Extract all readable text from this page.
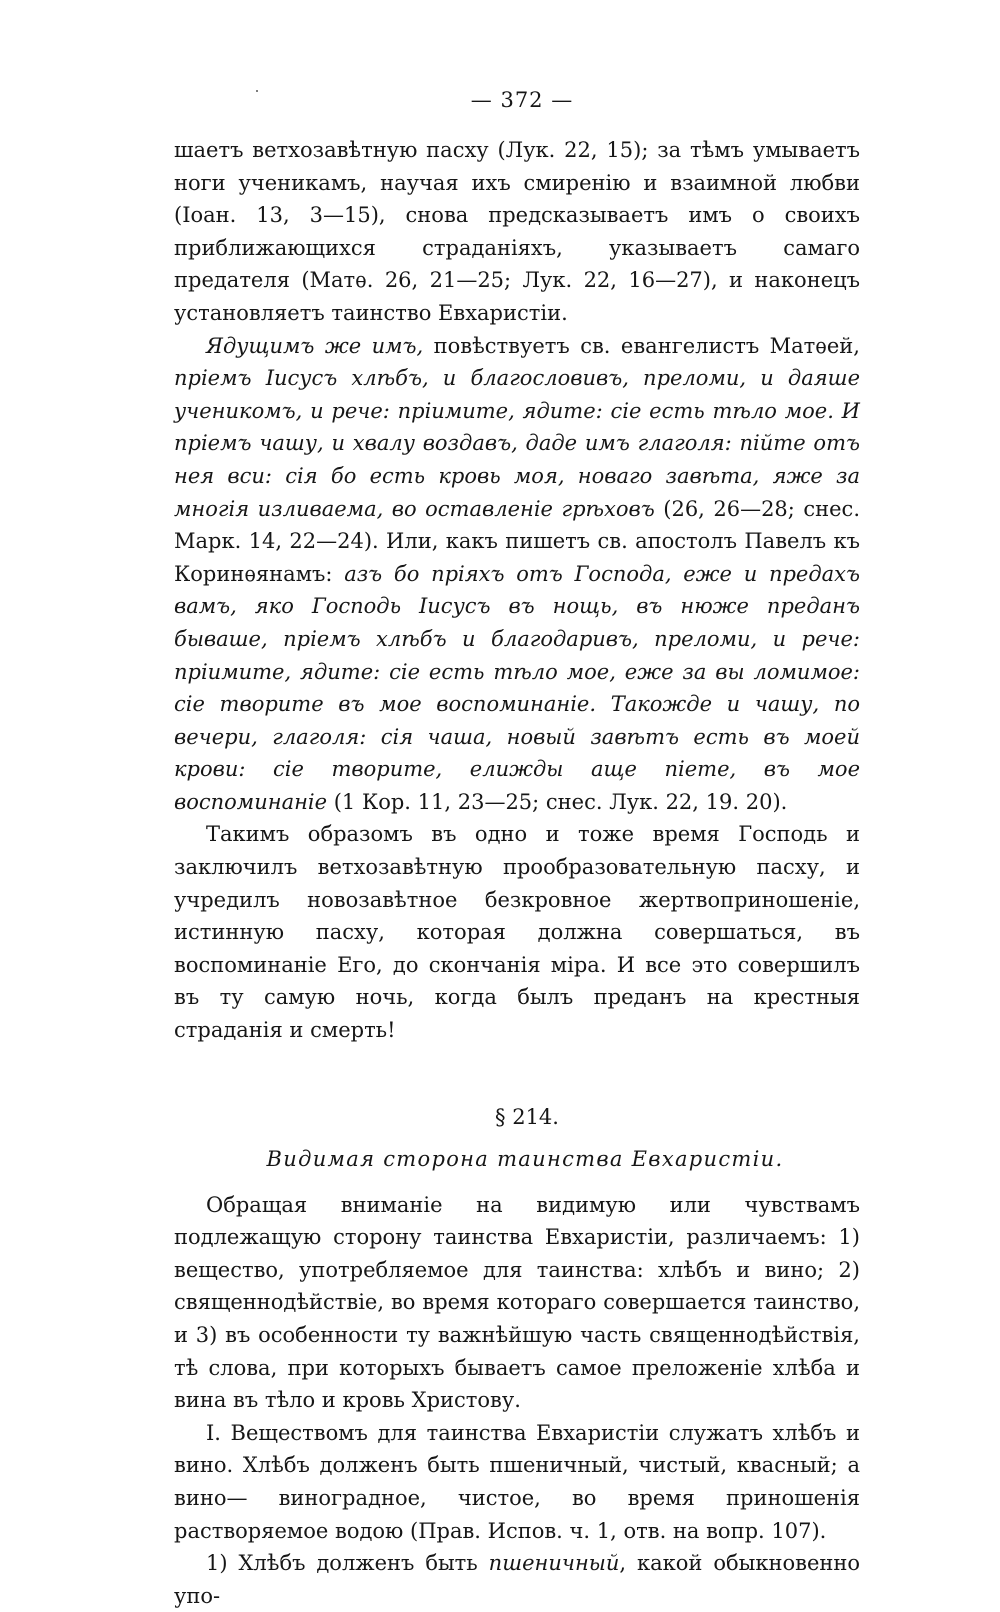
— 372 —

шаетъ ветхозавѣтную пасху (Лук. 22, 15); за тѣмъ умываетъ ноги ученикамъ, научая ихъ смиренію и взаимной любви (Іоан. 13, 3—15), снова предсказываетъ имъ о своихъ приближающихся страданіяхъ, указываетъ самаго предателя (Матѳ. 26, 21—25; Лук. 22, 16—27), и наконецъ установляетъ таинство Евхаристіи.

Ядущимъ же имъ, повѣствуетъ св. евангелистъ Матѳей, пріемъ Іисусъ хлѣбъ, и благословивъ, преломи, и даяше ученикомъ, и рече: пріимите, ядите: сіе есть тѣло мое. И пріемъ чашу, и хвалу воздавъ, даде имъ глаголя: пійте отъ нея вси: сія бо есть кровь моя, новаго завѣта, яже за многія изливаема, во оставленіе грѣховъ (26, 26—28; снес. Марк. 14, 22—24). Или, какъ пишетъ св. апостолъ Павелъ къ Коринѳянамъ: азъ бо пріяхъ отъ Господа, еже и предахъ вамъ, яко Господь Іисусъ въ нощь, въ нюже преданъ бываше, пріемъ хлѣбъ и благодаривъ, преломи, и рече: пріимите, ядите: сіе есть тѣло мое, еже за вы ломимое: сіе творите въ мое воспоминаніе. Такожде и чашу, по вечери, глаголя: сія чаша, новый завѣтъ есть въ моей крови: сіе творите, елижды аще піете, въ мое воспоминаніе (1 Кор. 11, 23—25; снес. Лук. 22, 19. 20).

Такимъ образомъ въ одно и тоже время Господь и заключилъ ветхозавѣтную прообразовательную пасху, и учредилъ новозавѣтное безкровное жертвоприношеніе, истинную пасху, которая должна совершаться, въ воспоминаніе Его, до скончанія міра. И все это совершилъ въ ту самую ночь, когда былъ преданъ на крестныя страданія и смерть!

§ 214.
Видимая сторона таинства Евхаристіи.

Обращая вниманіе на видимую или чувствамъ подлежащую сторону таинства Евхаристіи, различаемъ: 1) вещество, употребляемое для таинства: хлѣбъ и вино; 2) священнодѣйствіе, во время котораго совершается таинство, и 3) въ особенности ту важнѣйшую часть священнодѣйствія, тѣ слова, при которыхъ бываетъ самое преложеніе хлѣба и вина въ тѣло и кровь Христову.

I. Веществомъ для таинства Евхаристіи служатъ хлѣбъ и вино. Хлѣбъ долженъ быть пшеничный, чистый, квасный; а вино— виноградное, чистое, во время приношенія растворяемое водою (Прав. Испов. ч. 1, отв. на вопр. 107).

1) Хлѣбъ долженъ быть пшеничный, какой обыкновенно упо-
